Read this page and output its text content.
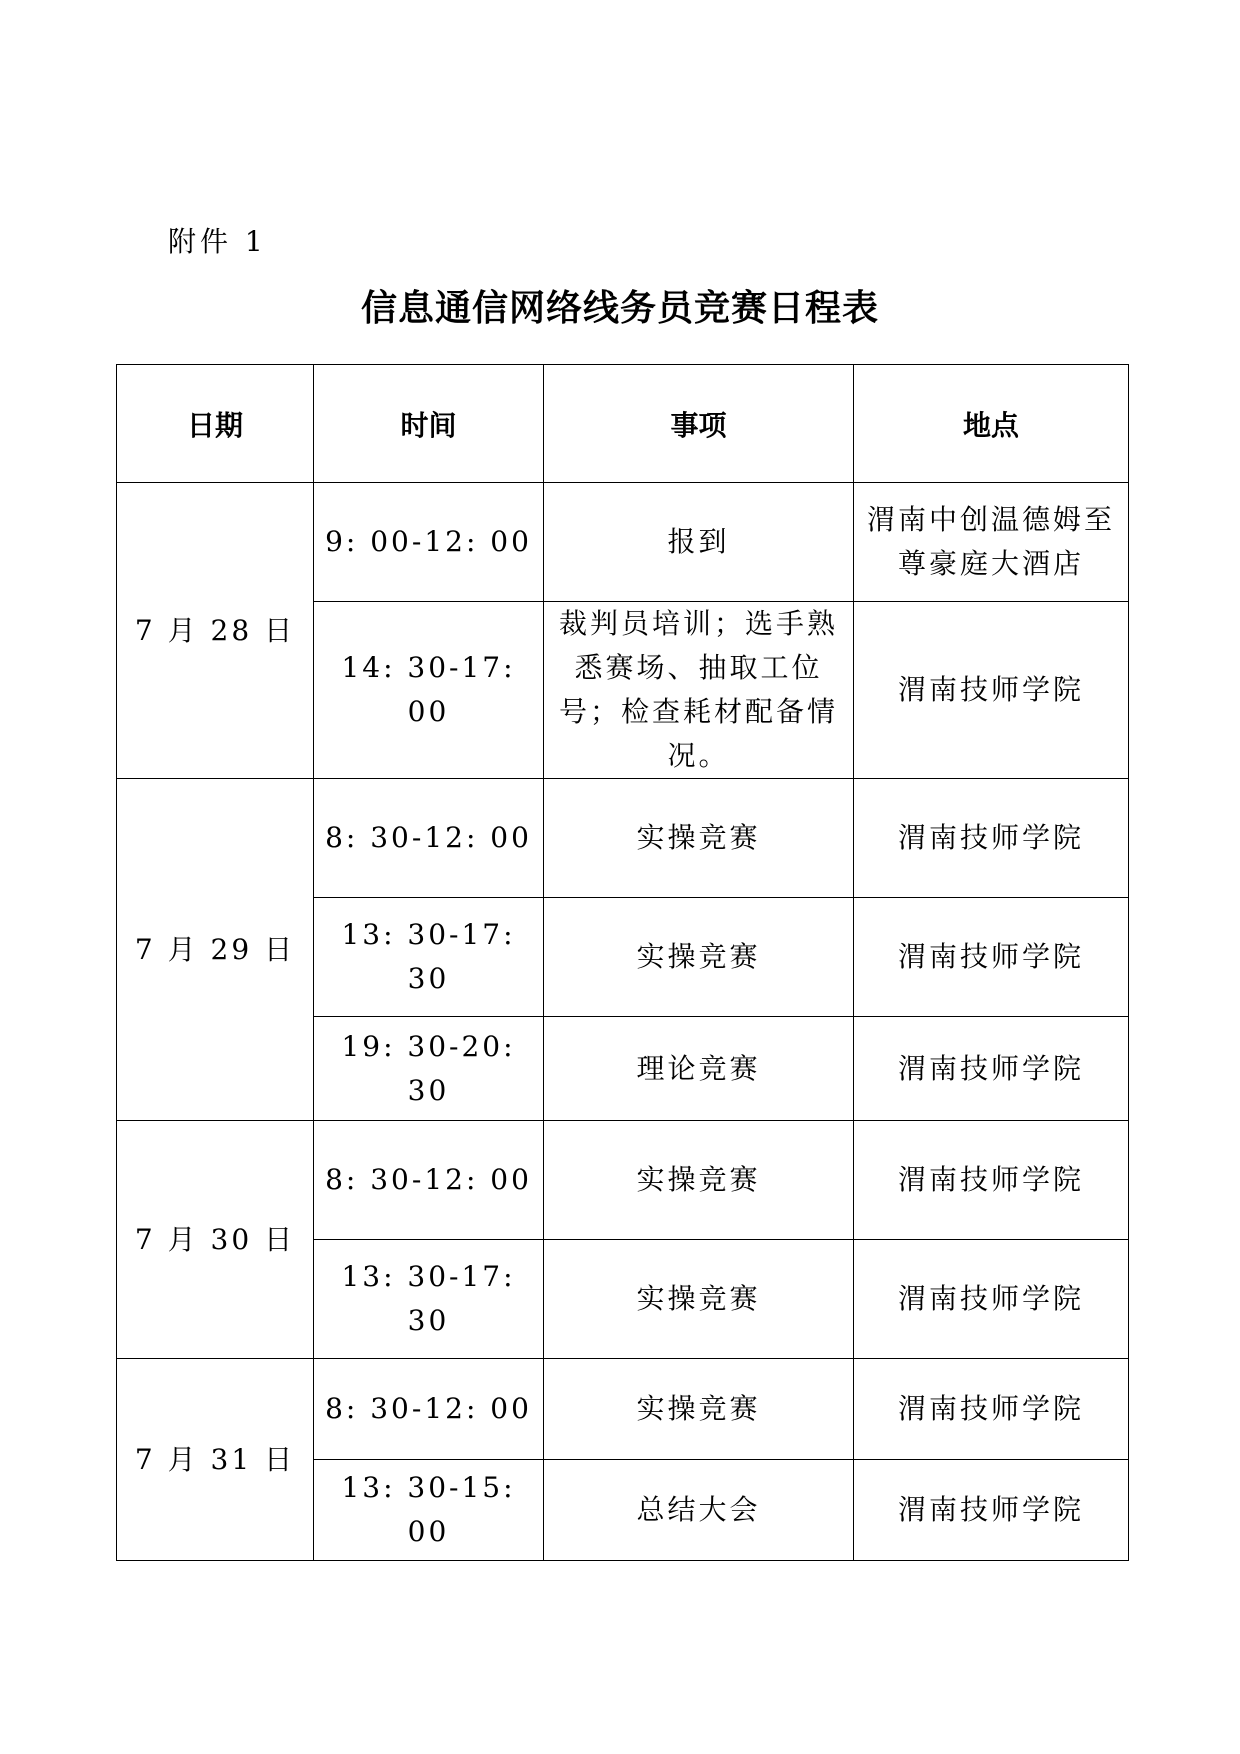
附件 1
信息通信网络线务员竞赛日程表
日期	时间	事项	地点
7 月 28 日	9: 00-12: 00	报到	渭南中创温德姆至尊豪庭大酒店
	14: 30-17: 00	裁判员培训；选手熟悉赛场、抽取工位号；检查耗材配备情况。	渭南技师学院
7 月 29 日	8: 30-12: 00	实操竞赛	渭南技师学院
	13: 30-17: 30	实操竞赛	渭南技师学院
	19: 30-20: 30	理论竞赛	渭南技师学院
7 月 30 日	8: 30-12: 00	实操竞赛	渭南技师学院
	13: 30-17: 30	实操竞赛	渭南技师学院
7 月 31 日	8: 30-12: 00	实操竞赛	渭南技师学院
	13: 30-15: 00	总结大会	渭南技师学院
